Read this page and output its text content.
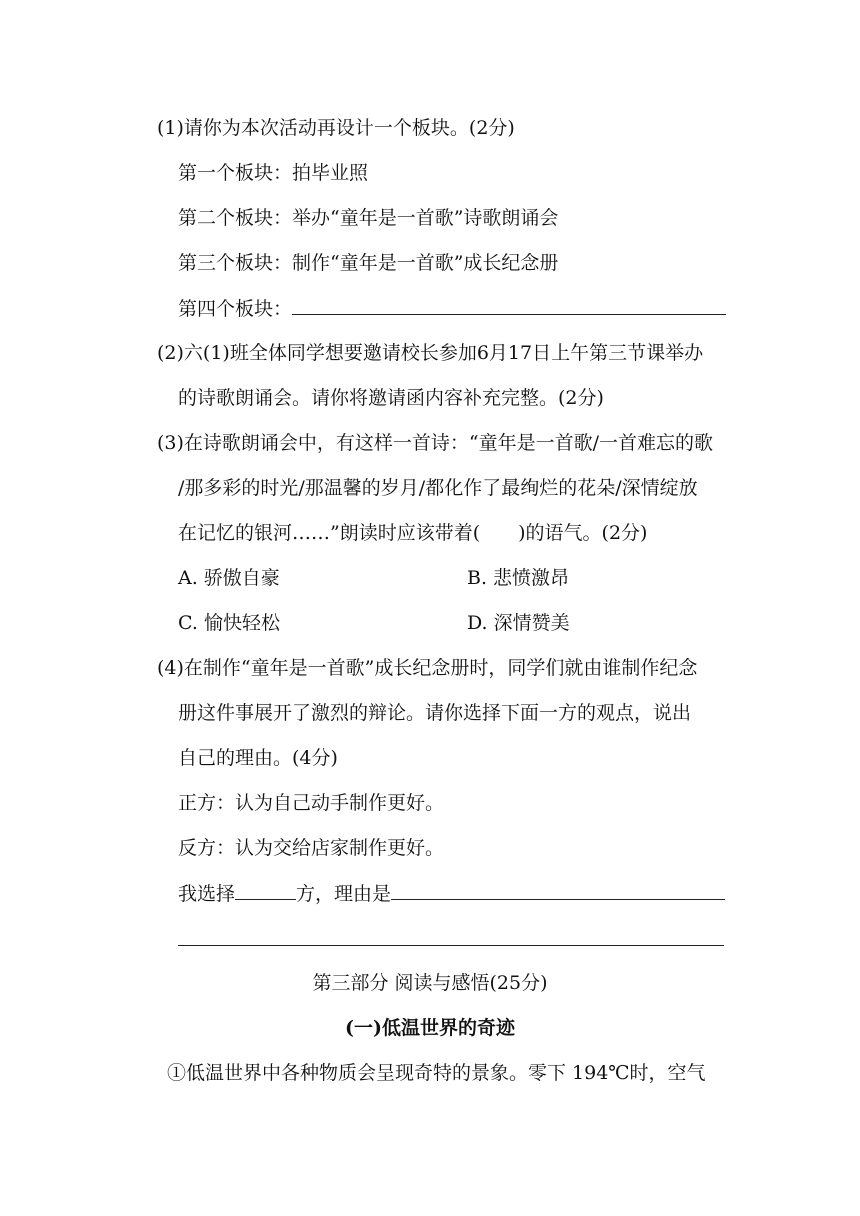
(1)请你为本次活动再设计一个板块。(2分)
第一个板块：拍毕业照
第二个板块：举办“童年是一首歌”诗歌朗诵会
第三个板块：制作“童年是一首歌”成长纪念册
第四个板块：
(2)六(1)班全体同学想要邀请校长参加6月17日上午第三节课举办
的诗歌朗诵会。请你将邀请函内容补充完整。(2分)
(3)在诗歌朗诵会中，有这样一首诗：“童年是一首歌/一首难忘的歌
/那多彩的时光/那温馨的岁月/都化作了最绚烂的花朵/深情绽放
在记忆的银河……”朗读时应该带着(　　)的语气。(2分)
A. 骄傲自豪	B. 悲愤激昂
C. 愉快轻松	D. 深情赞美
(4)在制作“童年是一首歌”成长纪念册时，同学们就由谁制作纪念
册这件事展开了激烈的辩论。请你选择下面一方的观点，说出
自己的理由。(4分)
正方：认为自己动手制作更好。
反方：认为交给店家制作更好。
我选择	方，理由是
第三部分 阅读与感悟(25分)
(一)低温世界的奇迹
①低温世界中各种物质会呈现奇特的景象。零下 194℃时，空气
